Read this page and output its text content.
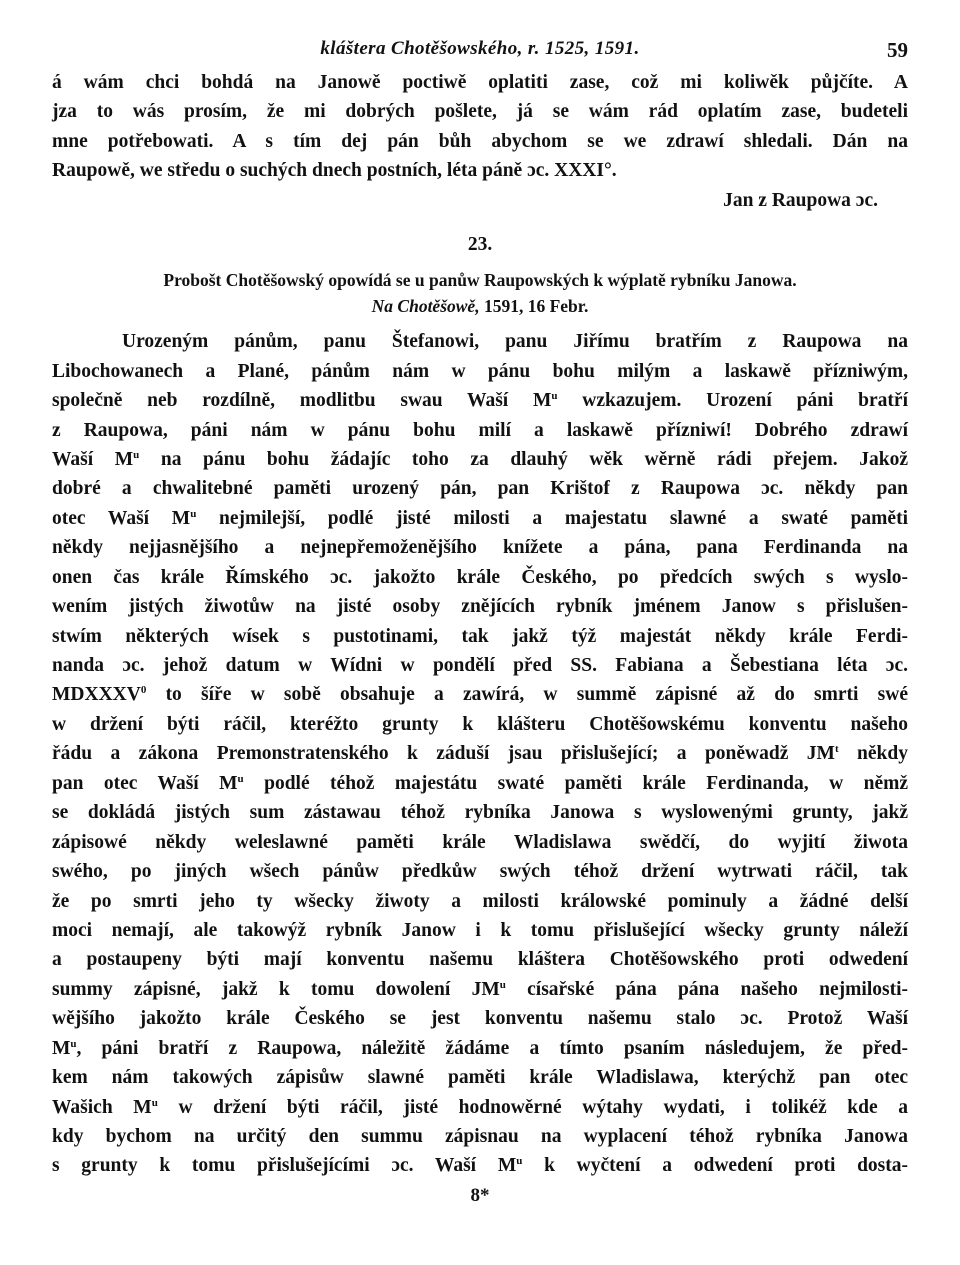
kláštera Chotěšowského, r. 1525, 1591.	59
á wám chci bohdá na Janowě poctiwě oplatiti zase, což mi koliwěk půjčíte. A
jza to wás prosím, že mi dobrých pošlete, já se wám rád oplatím zase, budeteli
mne potřebowati. A s tím dej pán bůh abychom se we zdrawí shledali. Dán na
Raupowě, we středu o suchých dnech postních, léta páně ɔc. XXXI°.
Jan z Raupowa ɔc.
23.
Probošt Chotěšowský opowídá se u panůw Raupowských k wýplatě rybníku Janowa.
Na Chotěšowě, 1591, 16 Febr.
Urozeným pánům, panu Štefanowi, panu Jiřímu bratřím z Raupowa na
Libochowanech a Plané, pánům nám w pánu bohu milým a laskawě přízniwým,
společně neb rozdílně, modlitbu swau Waší $M^u$ wzkazujem. Urození páni bratří
z Raupowa, páni nám w pánu bohu milí a laskawě přízniwí! Dobrého zdrawí
Waší $M^u$ na pánu bohu žádajíc toho za dlauhý wěk wěrně rádi přejem. Jakož
dobré a chwalitebné paměti urozený pán, pan Krištof z Raupowa ɔc. někdy pan
otec Waší $M^u$ nejmilejší, podlé jisté milosti a majestatu slawné a swaté paměti
někdy nejjasnějšího a nejnepřemoženějšího knížete a pána, pana Ferdinanda na
onen čas krále Římského ɔc. jakožto krále Českého, po předcích swých s wyslo-
wením jistých žiwotůw na jisté osoby znějících rybník jménem Janow s přislušen-
stwím některých wísek s pustotinami, tak jakž týž majestát někdy krále Ferdi-
nanda ɔc. jehož datum w Wídni w pondělí před SS. Fabiana a Šebestiana léta ɔc.
MDXXXV$^0$ to šíře w sobě obsahuje a zawírá, w summě zápisné až do smrti swé
w držení býti ráčil, kteréžto grunty k klášteru Chotěšowskému konventu našeho
řádu a zákona Premonstratenského k záduší jsau přislušející; a poněwadž $JM^t$ někdy
pan otec Waší $M^u$ podlé téhož majestátu swaté paměti krále Ferdinanda, w němž
se dokládá jistých sum zástawau téhož rybníka Janowa s wyslowenými grunty, jakž
zápisowé někdy weleslawné paměti krále Wladislawa swědčí, do wyjití žiwota
swého, po jiných wšech pánůw předkůw swých téhož držení wytrwati ráčil, tak
že po smrti jeho ty wšecky žiwoty a milosti králowské pominuly a žádné delší
moci nemají, ale takowýž rybník Janow i k tomu přislušející wšecky grunty náleží
a postaupeny býti mají konventu našemu kláštera Chotěšowského proti odwedení
summy zápisné, jakž k tomu dowolení $JM^u$ císařské pána pána našeho nejmilosti-
wějšího jakožto krále Českého se jest konventu našemu stalo ɔc. Protož Waší
$M^u$, páni bratří z Raupowa, náležitě žádáme a tímto psaním následujem, že před-
kem nám takowých zápisůw slawné paměti krále Wladislawa, kterýchž pan otec
Wašich $M^u$ w držení býti ráčil, jisté hodnowěrné wýtahy wydati, i tolikéž kde a
kdy bychom na určitý den summu zápisnau na wyplacení téhož rybníka Janowa
s grunty k tomu přislušejícími ɔc. Waší $M^u$ k wyčtení a odwedení proti dosta-
8*
